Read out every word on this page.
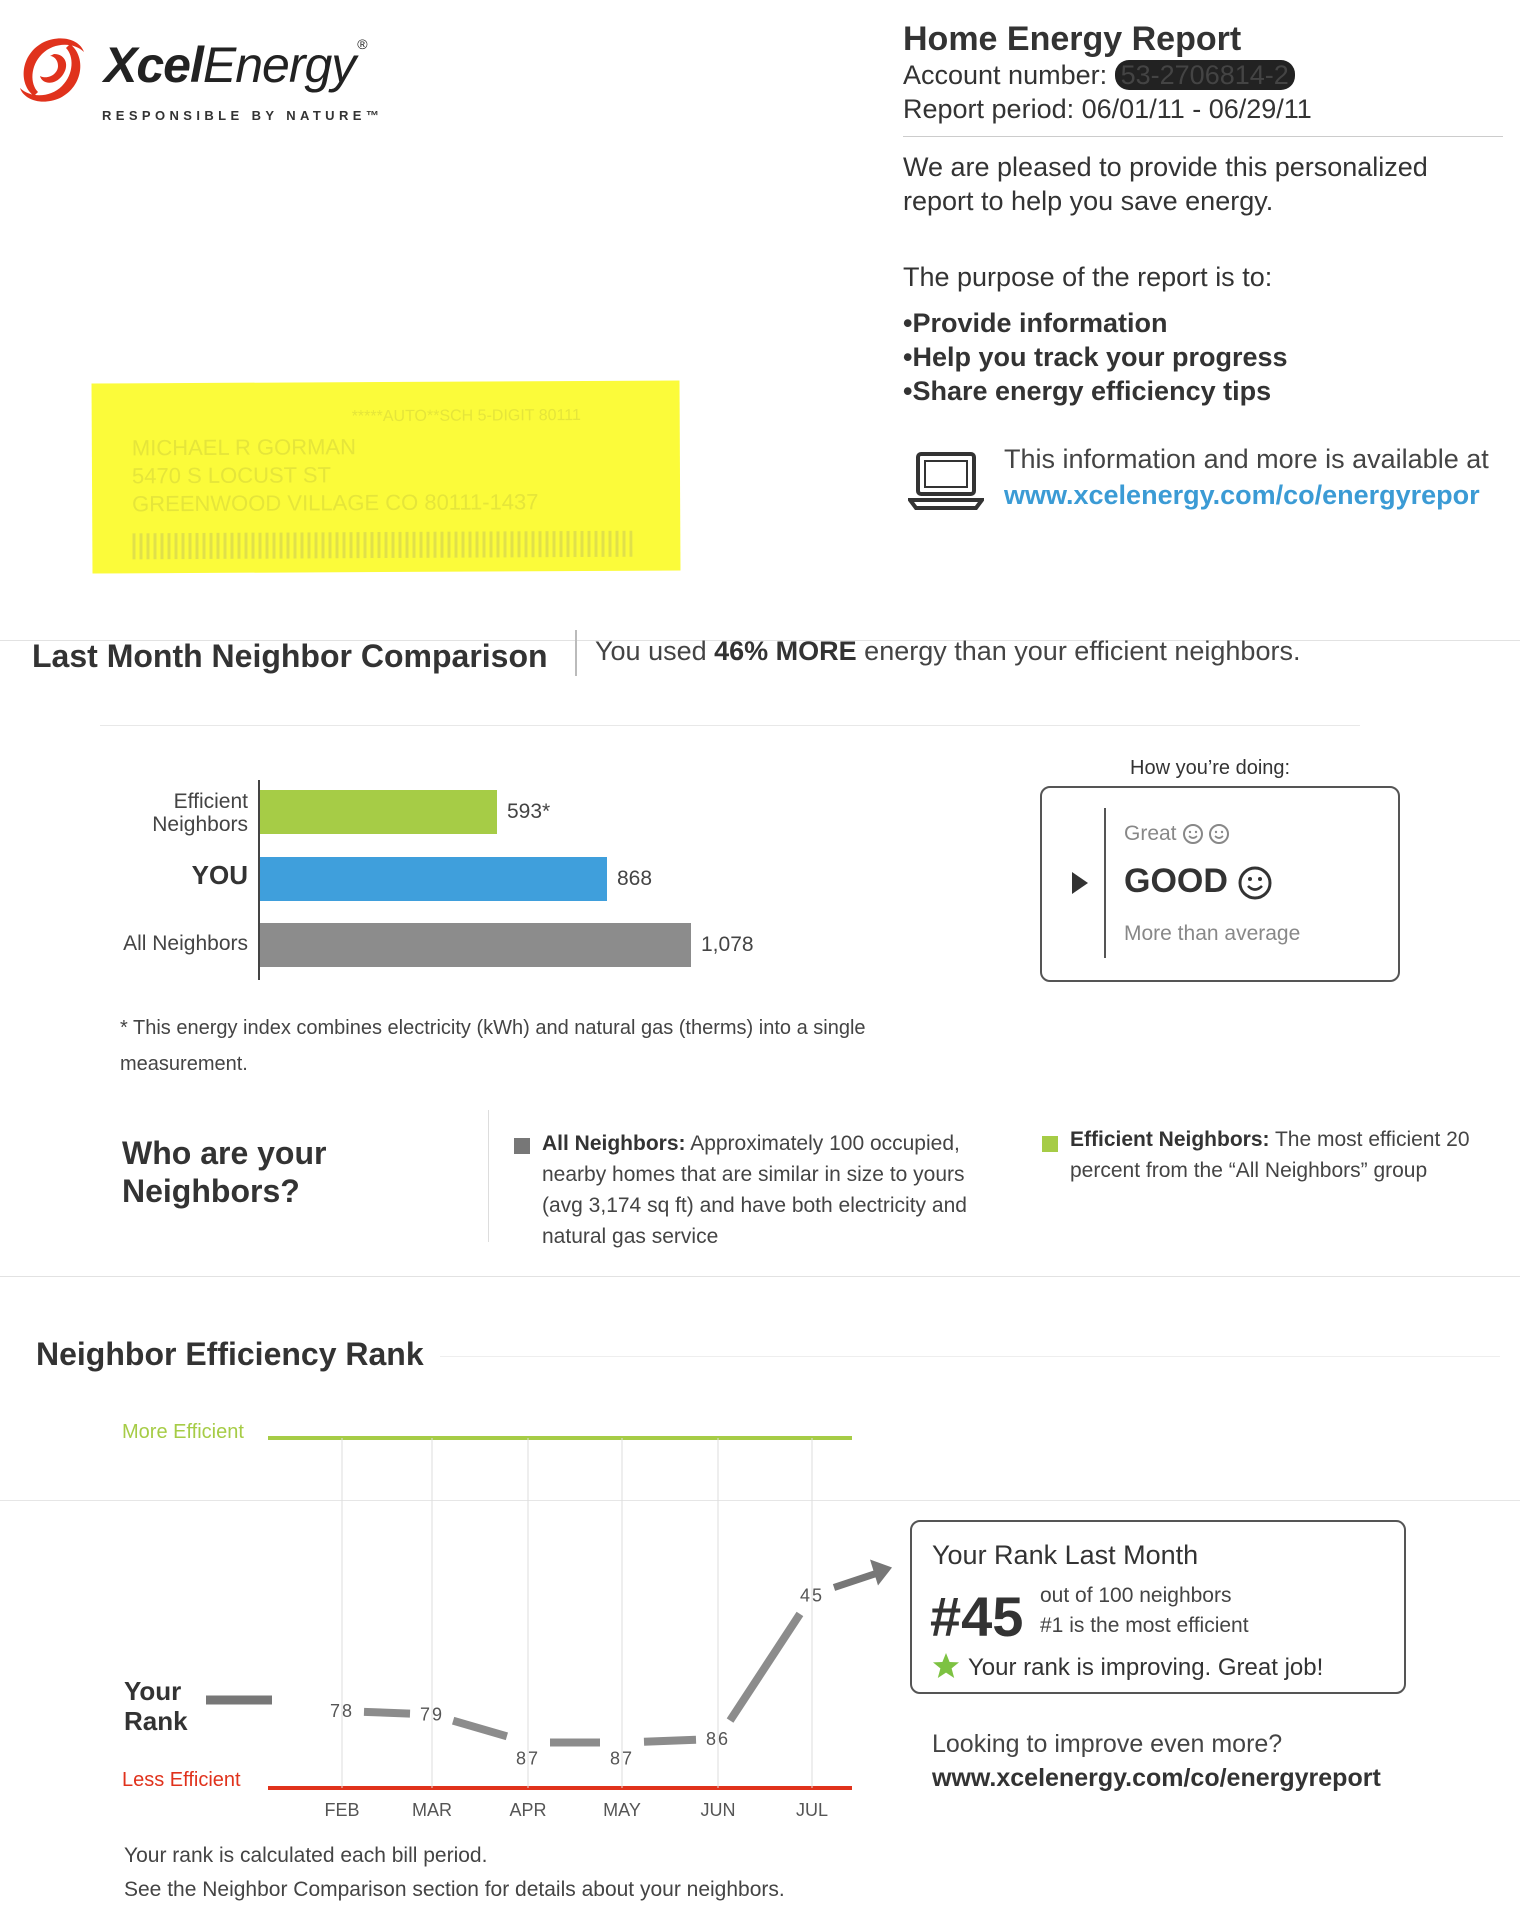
XcelEnergy ®
RESPONSIBLE BY NATURE™
Home Energy Report
Account number: 53-2706814-2
Report period: 06/01/11 - 06/29/11
We are pleased to provide this personalized report to help you save energy.
The purpose of the report is to:
• Provide information
• Help you track your progress
• Share energy efficiency tips
This information and more is available at
www.xcelenergy.com/co/energyrepor
*****AUTO**SCH 5-DIGIT 80111
MICHAEL R GORMAN
5470 S LOCUST ST
GREENWOOD VILLAGE CO 80111-1437
Last Month Neighbor Comparison You used 46% MORE energy than your efficient neighbors.
Efficient Neighbors
YOU
All Neighbors
593*
868
1,078
* This energy index combines electricity (kWh) and natural gas (therms) into a single measurement.
How you’re doing:
Great
GOOD
More than average
Who are your Neighbors?
All Neighbors: Approximately 100 occupied, nearby homes that are similar in size to yours (avg 3,174 sq ft) and have both electricity and natural gas service
Efficient Neighbors: The most efficient 20 percent from the “All Neighbors” group
Neighbor Efficiency Rank
More Efficient
Less Efficient
Your
Rank
FEB	MAR	APR	MAY	JUN	JUL
78	79
87	87
86
45
Your Rank Last Month
#45 out of 100 neighbors
#1 is the most efficient
Your rank is improving. Great job!
Looking to improve even more?
www.xcelenergy.com/co/energyreport
Your rank is calculated each bill period.
See the Neighbor Comparison section for details about your neighbors.
